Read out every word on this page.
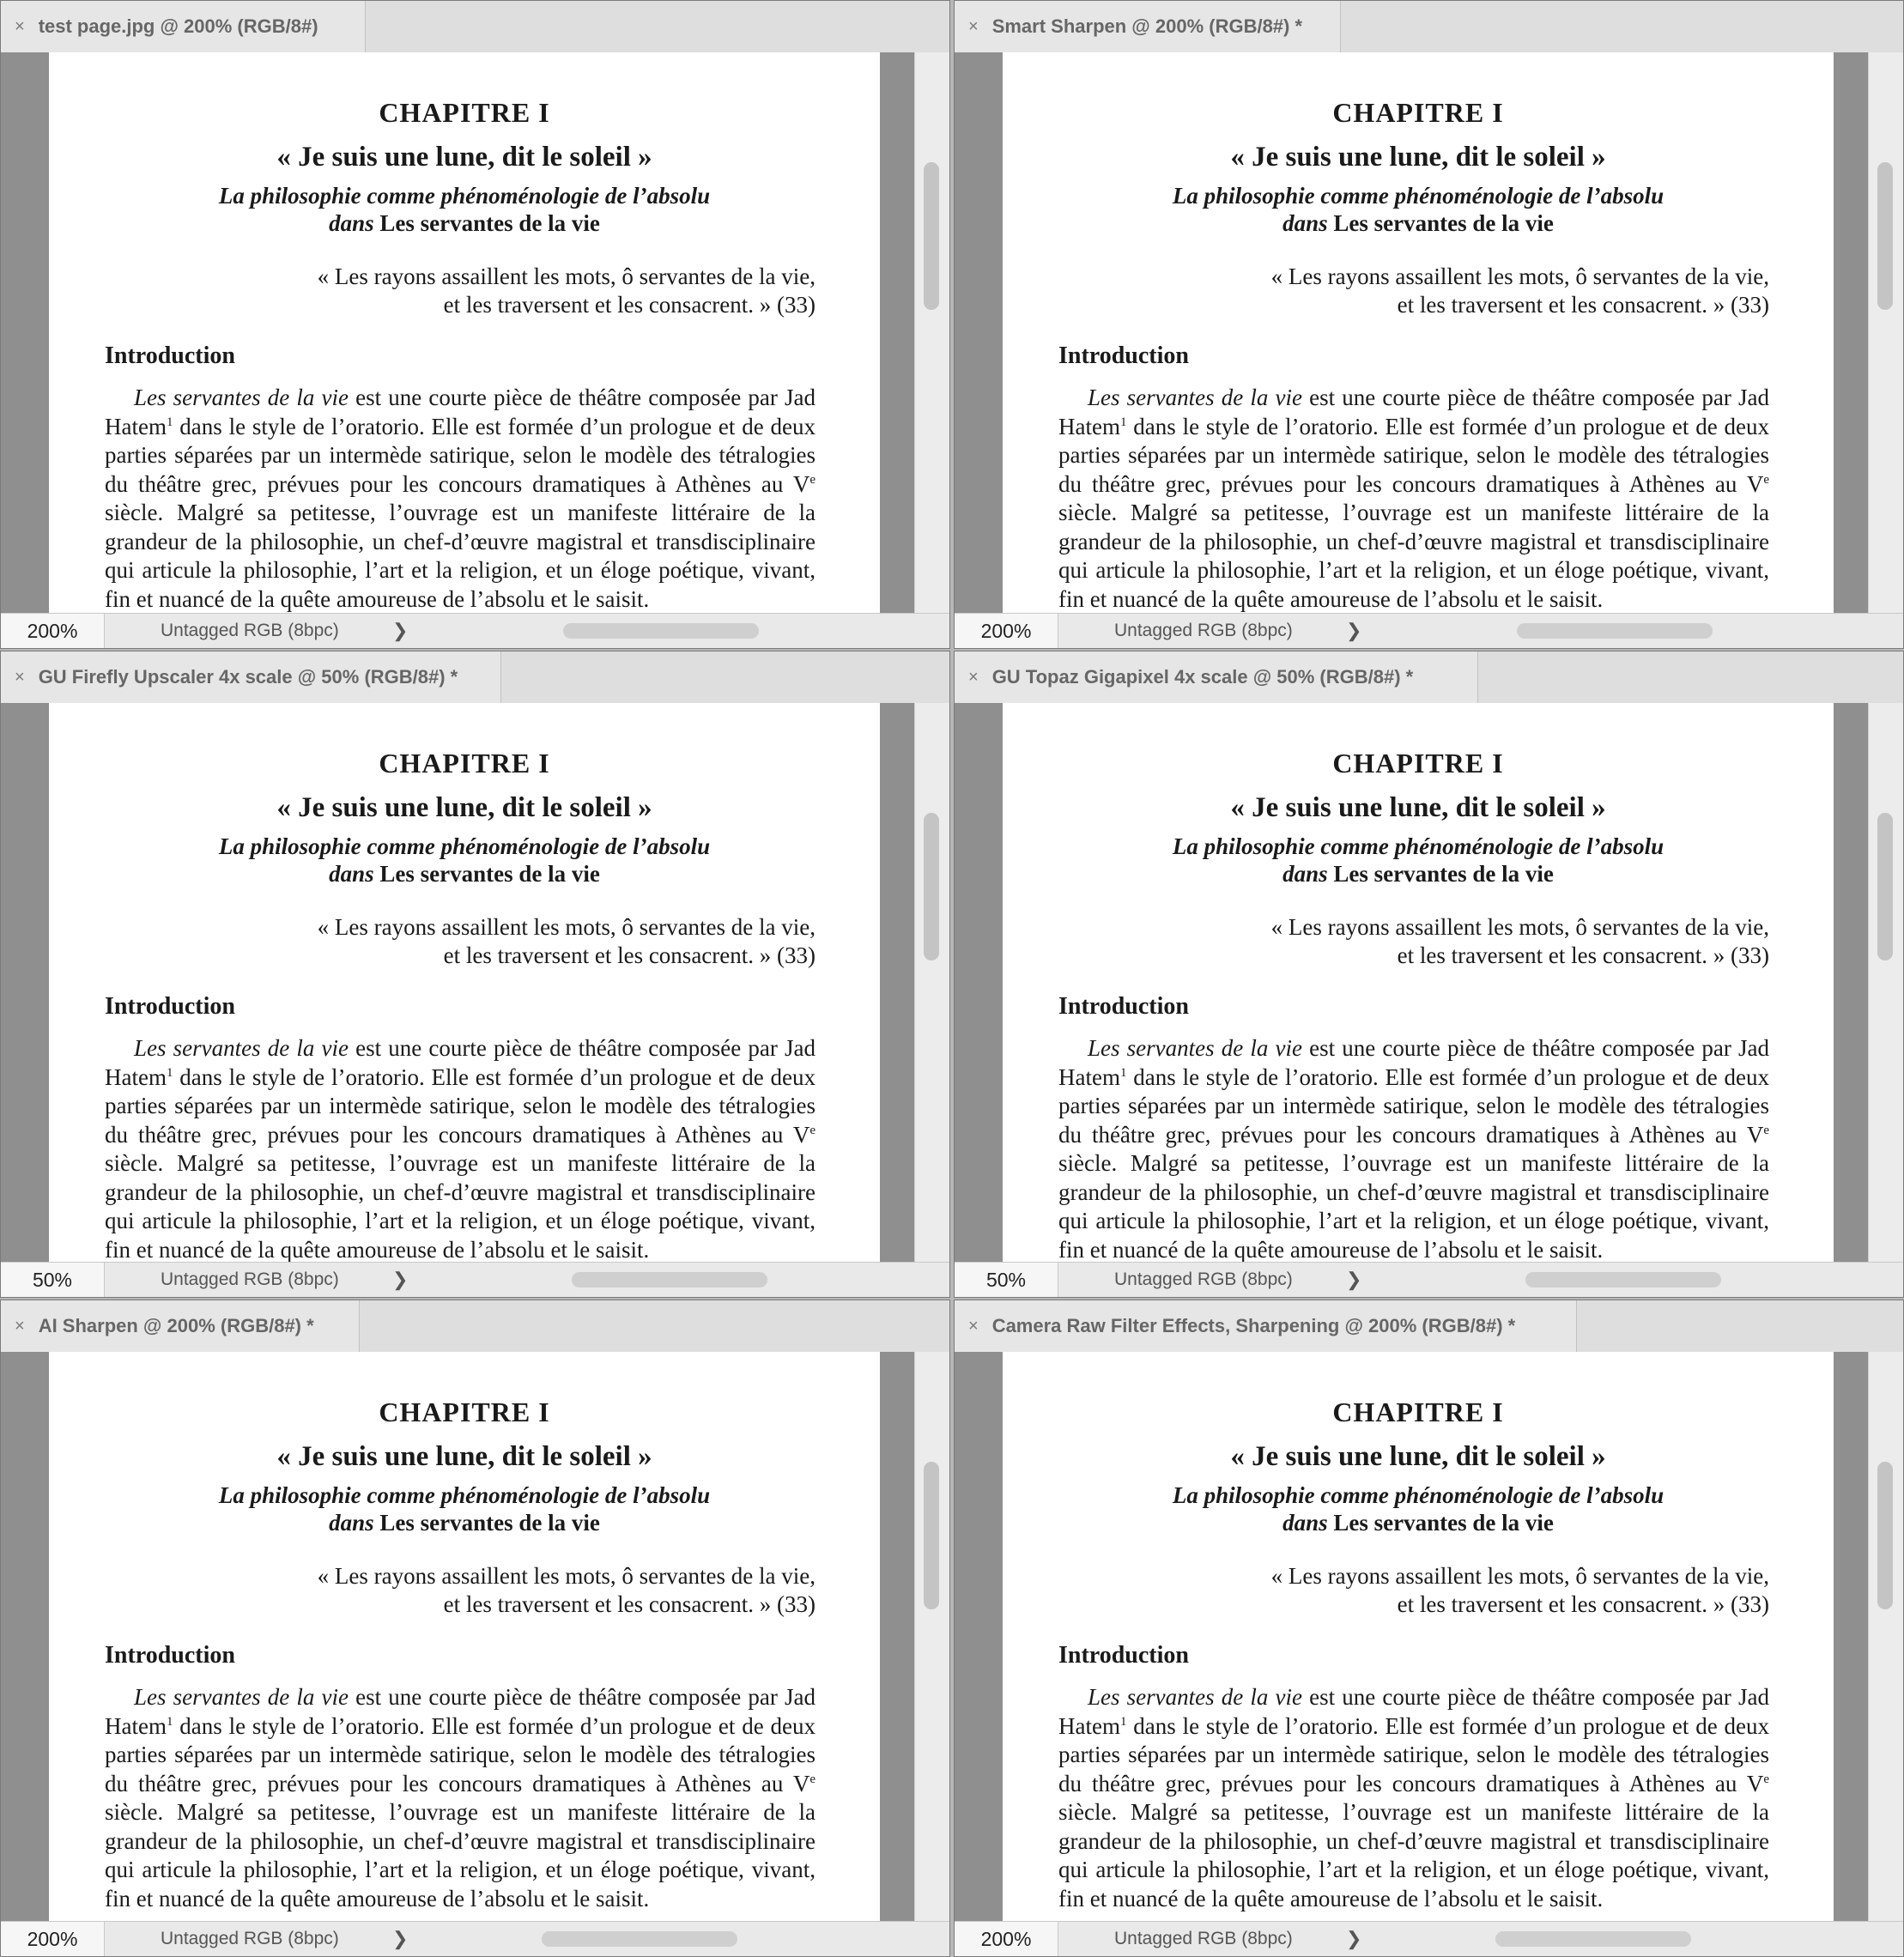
× test page.jpg @ 200% (RGB/8#)
CHAPITRE I
« Je suis une lune, dit le soleil »
La philosophie comme phénoménologie de l’absolu
dans Les servantes de la vie
« Les rayons assaillent les mots, ô servantes de la vie,
et les traversent et les consacrent. » (33)
Introduction

Les servantes de la vie est une courte pièce de théâtre composée par Jad Hatem$^1$ dans le style de l’oratorio. Elle est formée d’un prologue et de deux parties séparées par un intermède satirique, selon le modèle des tétralogies du théâtre grec, prévues pour les concours dramatiques à Athènes au Ve siècle. Malgré sa petitesse, l’ouvrage est un manifeste littéraire de la grandeur de la philosophie, un chef-d’œuvre magistral et transdisciplinaire qui articule la philosophie, l’art et la religion, et un éloge poétique, vivant, fin et nuancé de la quête amoureuse de l’absolu et le saisit.

200%	Untagged RGB (8bpc)	❯
× Smart Sharpen @ 200% (RGB/8#) *
CHAPITRE I
« Je suis une lune, dit le soleil »
La philosophie comme phénoménologie de l’absolu
dans Les servantes de la vie
« Les rayons assaillent les mots, ô servantes de la vie,
et les traversent et les consacrent. » (33)
Introduction

Les servantes de la vie est une courte pièce de théâtre composée par Jad Hatem$^1$ dans le style de l’oratorio. Elle est formée d’un prologue et de deux parties séparées par un intermède satirique, selon le modèle des tétralogies du théâtre grec, prévues pour les concours dramatiques à Athènes au Ve siècle. Malgré sa petitesse, l’ouvrage est un manifeste littéraire de la grandeur de la philosophie, un chef-d’œuvre magistral et transdisciplinaire qui articule la philosophie, l’art et la religion, et un éloge poétique, vivant, fin et nuancé de la quête amoureuse de l’absolu et le saisit.

200%	Untagged RGB (8bpc)	❯
× GU Firefly Upscaler 4x scale @ 50% (RGB/8#) *
CHAPITRE I
« Je suis une lune, dit le soleil »
La philosophie comme phénoménologie de l’absolu
dans Les servantes de la vie
« Les rayons assaillent les mots, ô servantes de la vie,
et les traversent et les consacrent. » (33)
Introduction

Les servantes de la vie est une courte pièce de théâtre composée par Jad Hatem$^1$ dans le style de l’oratorio. Elle est formée d’un prologue et de deux parties séparées par un intermède satirique, selon le modèle des tétralogies du théâtre grec, prévues pour les concours dramatiques à Athènes au Ve siècle. Malgré sa petitesse, l’ouvrage est un manifeste littéraire de la grandeur de la philosophie, un chef-d’œuvre magistral et transdisciplinaire qui articule la philosophie, l’art et la religion, et un éloge poétique, vivant, fin et nuancé de la quête amoureuse de l’absolu et le saisit.

50%	Untagged RGB (8bpc)	❯
× GU Topaz Gigapixel 4x scale @ 50% (RGB/8#) *
CHAPITRE I
« Je suis une lune, dit le soleil »
La philosophie comme phénoménologie de l’absolu
dans Les servantes de la vie
« Les rayons assaillent les mots, ô servantes de la vie,
et les traversent et les consacrent. » (33)
Introduction

Les servantes de la vie est une courte pièce de théâtre composée par Jad Hatem$^1$ dans le style de l’oratorio. Elle est formée d’un prologue et de deux parties séparées par un intermède satirique, selon le modèle des tétralogies du théâtre grec, prévues pour les concours dramatiques à Athènes au Ve siècle. Malgré sa petitesse, l’ouvrage est un manifeste littéraire de la grandeur de la philosophie, un chef-d’œuvre magistral et transdisciplinaire qui articule la philosophie, l’art et la religion, et un éloge poétique, vivant, fin et nuancé de la quête amoureuse de l’absolu et le saisit.

50%	Untagged RGB (8bpc)	❯
× AI Sharpen @ 200% (RGB/8#) *
CHAPITRE I
« Je suis une lune, dit le soleil »
La philosophie comme phénoménologie de l’absolu
dans Les servantes de la vie
« Les rayons assaillent les mots, ô servantes de la vie,
et les traversent et les consacrent. » (33)
Introduction

Les servantes de la vie est une courte pièce de théâtre composée par Jad Hatem$^1$ dans le style de l’oratorio. Elle est formée d’un prologue et de deux parties séparées par un intermède satirique, selon le modèle des tétralogies du théâtre grec, prévues pour les concours dramatiques à Athènes au Ve siècle. Malgré sa petitesse, l’ouvrage est un manifeste littéraire de la grandeur de la philosophie, un chef-d’œuvre magistral et transdisciplinaire qui articule la philosophie, l’art et la religion, et un éloge poétique, vivant, fin et nuancé de la quête amoureuse de l’absolu et le saisit.

200%	Untagged RGB (8bpc)	❯
× Camera Raw Filter Effects, Sharpening @ 200% (RGB/8#) *
CHAPITRE I
« Je suis une lune, dit le soleil »
La philosophie comme phénoménologie de l’absolu
dans Les servantes de la vie
« Les rayons assaillent les mots, ô servantes de la vie,
et les traversent et les consacrent. » (33)
Introduction

Les servantes de la vie est une courte pièce de théâtre composée par Jad Hatem$^1$ dans le style de l’oratorio. Elle est formée d’un prologue et de deux parties séparées par un intermède satirique, selon le modèle des tétralogies du théâtre grec, prévues pour les concours dramatiques à Athènes au Ve siècle. Malgré sa petitesse, l’ouvrage est un manifeste littéraire de la grandeur de la philosophie, un chef-d’œuvre magistral et transdisciplinaire qui articule la philosophie, l’art et la religion, et un éloge poétique, vivant, fin et nuancé de la quête amoureuse de l’absolu et le saisit.

200%	Untagged RGB (8bpc)	❯
